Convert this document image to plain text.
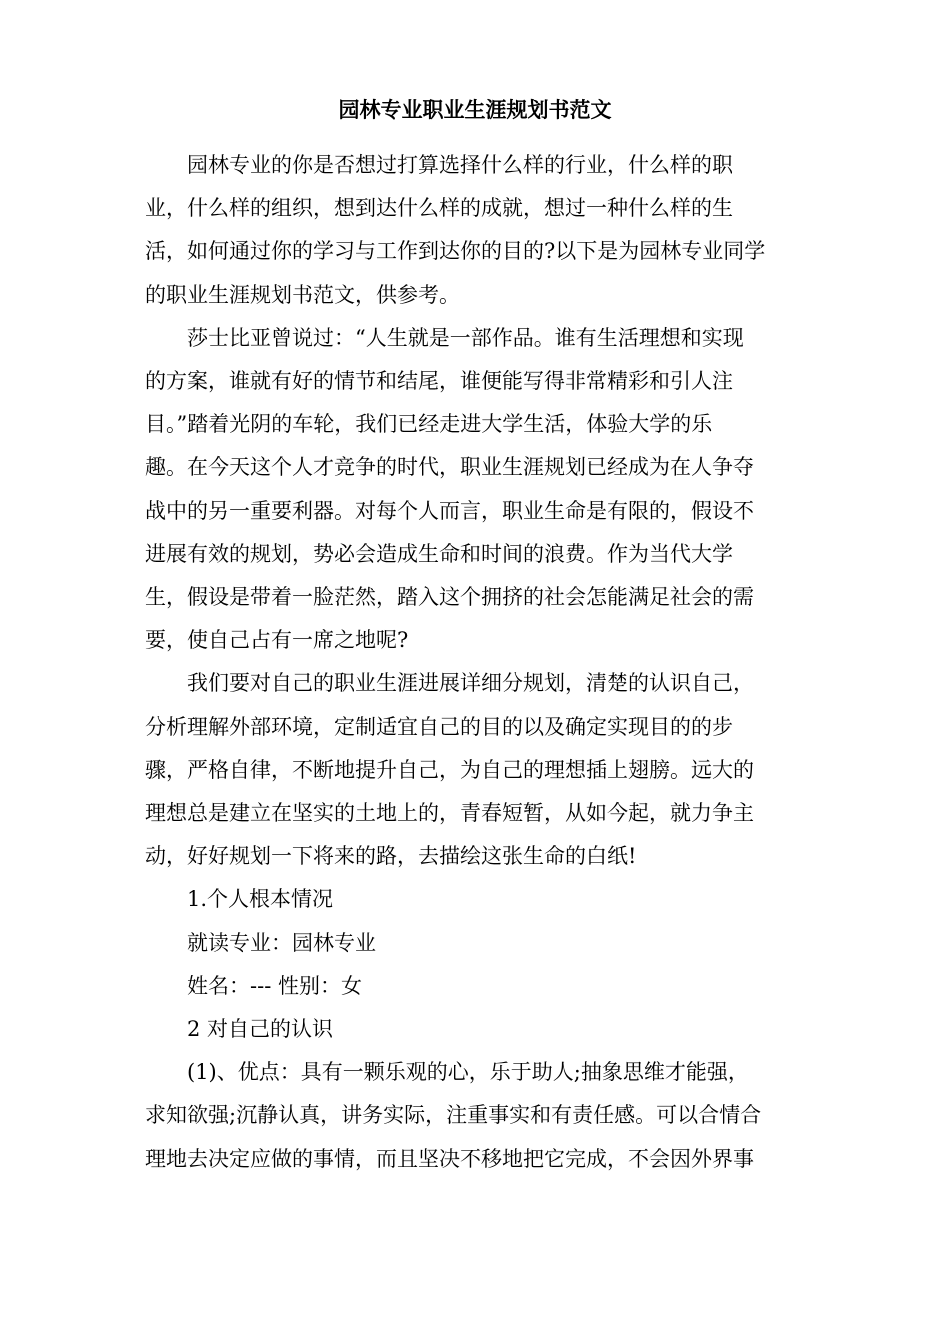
园林专业职业生涯规划书范文

园林专业的你是否想过打算选择什么样的行业，什么样的职
业，什么样的组织，想到达什么样的成就，想过一种什么样的生
活，如何通过你的学习与工作到达你的目的?以下是为园林专业同学
的职业生涯规划书范文，供参考。

莎士比亚曾说过：“人生就是一部作品。谁有生活理想和实现
的方案，谁就有好的情节和结尾，谁便能写得非常精彩和引人注
目。”踏着光阴的车轮，我们已经走进大学生活，体验大学的乐
趣。在今天这个人才竞争的时代，职业生涯规划已经成为在人争夺
战中的另一重要利器。对每个人而言，职业生命是有限的，假设不
进展有效的规划，势必会造成生命和时间的浪费。作为当代大学
生，假设是带着一脸茫然，踏入这个拥挤的社会怎能满足社会的需
要，使自己占有一席之地呢?

我们要对自己的职业生涯进展详细分规划，清楚的认识自己，
分析理解外部环境，定制适宜自己的目的以及确定实现目的的步
骤，严格自律，不断地提升自己，为自己的理想插上翅膀。远大的
理想总是建立在坚实的土地上的，青春短暂，从如今起，就力争主
动，好好规划一下将来的路，去描绘这张生命的白纸!

1.个人根本情况

就读专业：园林专业

姓名：--- 性别：女

2 对自己的认识

(1)、优点：具有一颗乐观的心，乐于助人;抽象思维才能强，
求知欲强;沉静认真，讲务实际，注重事实和有责任感。可以合情合
理地去决定应做的事情，而且坚决不移地把它完成，不会因外界事
